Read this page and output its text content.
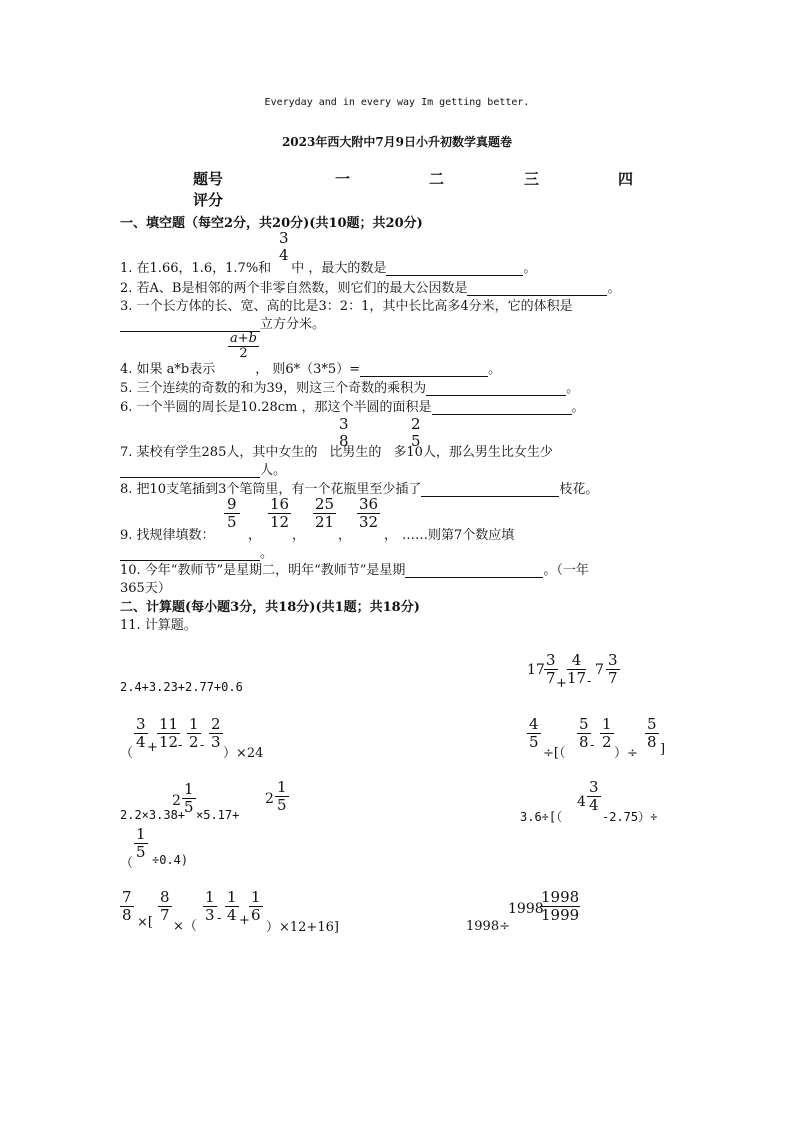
Everyday and in every way Im getting better.
2023年西大附中7月9日小升初数学真题卷
题号	一	二	三	四
评分
一、填空题（每空2分，共20分)(共10题；共20分)
3
4
1. 在1.66，1.6，1.7%和 中 ，最大的数是	。
2. 若A、B是相邻的两个非零自然数，则它们的最大公因数是	。
3. 一个长方体的长、宽、高的比是3：2：1，其中长比高多4分米，它的体积是
立方分米。
$\frac{a+b}{2}$
4. 如果 a*b表示	， 则6*（3*5）=	。
5. 三个连续的奇数的和为39，则这三个奇数的乘积为	。
6. 一个半圆的周长是10.28cm ，那这个半圆的面积是	。
3
8
2
5
7. 某校有学生285人，其中女生的 比男生的 多10人，那么男生比女生少
人。
8. 把10支笔插到3个笔筒里，有一个花瓶里至少插了	枝花。
9. 找规律填数：
$\frac{9}{5}$
，
$\frac{16}{12}$
，
$\frac{25}{21}$
，
$\frac{36}{32}$
， ……则第7个数应填
。
10. 今年“教师节”是星期二，明年“教师节”是星期	。（一年
365天）
二、计算题(每小题3分，共18分)(共1题；共18分)
11. 计算题。
2.4+3.23+2.77+0.6
$17 \frac{3}{7}$
+ $\frac{4}{17}$ -
$7 \frac{3}{7}$
（
$\frac{3}{4} + \frac{11}{12}$
- $\frac{1}{2} - \frac{2}{3}$
）×24
$\frac{4}{5}$
÷[（
$\frac{5}{8} - \frac{1}{2}$
）÷
$\frac{5}{8}$ ]
2.2×3.38+
$2 \frac{1}{5} \times 5.17+$
$2 \frac{1}{5}$
（
$\frac{1}{5} \div 0.4$)
3.6÷[（
$4 \frac{3}{4}$
-2.75）÷
$\frac{7}{8}$ ×[ $\frac{8}{7}$
×（
$\frac{1}{3} - \frac{1}{4} + \frac{1}{6}$
）×12+16]	1998÷
1998
$\frac{1998}{1999}$
